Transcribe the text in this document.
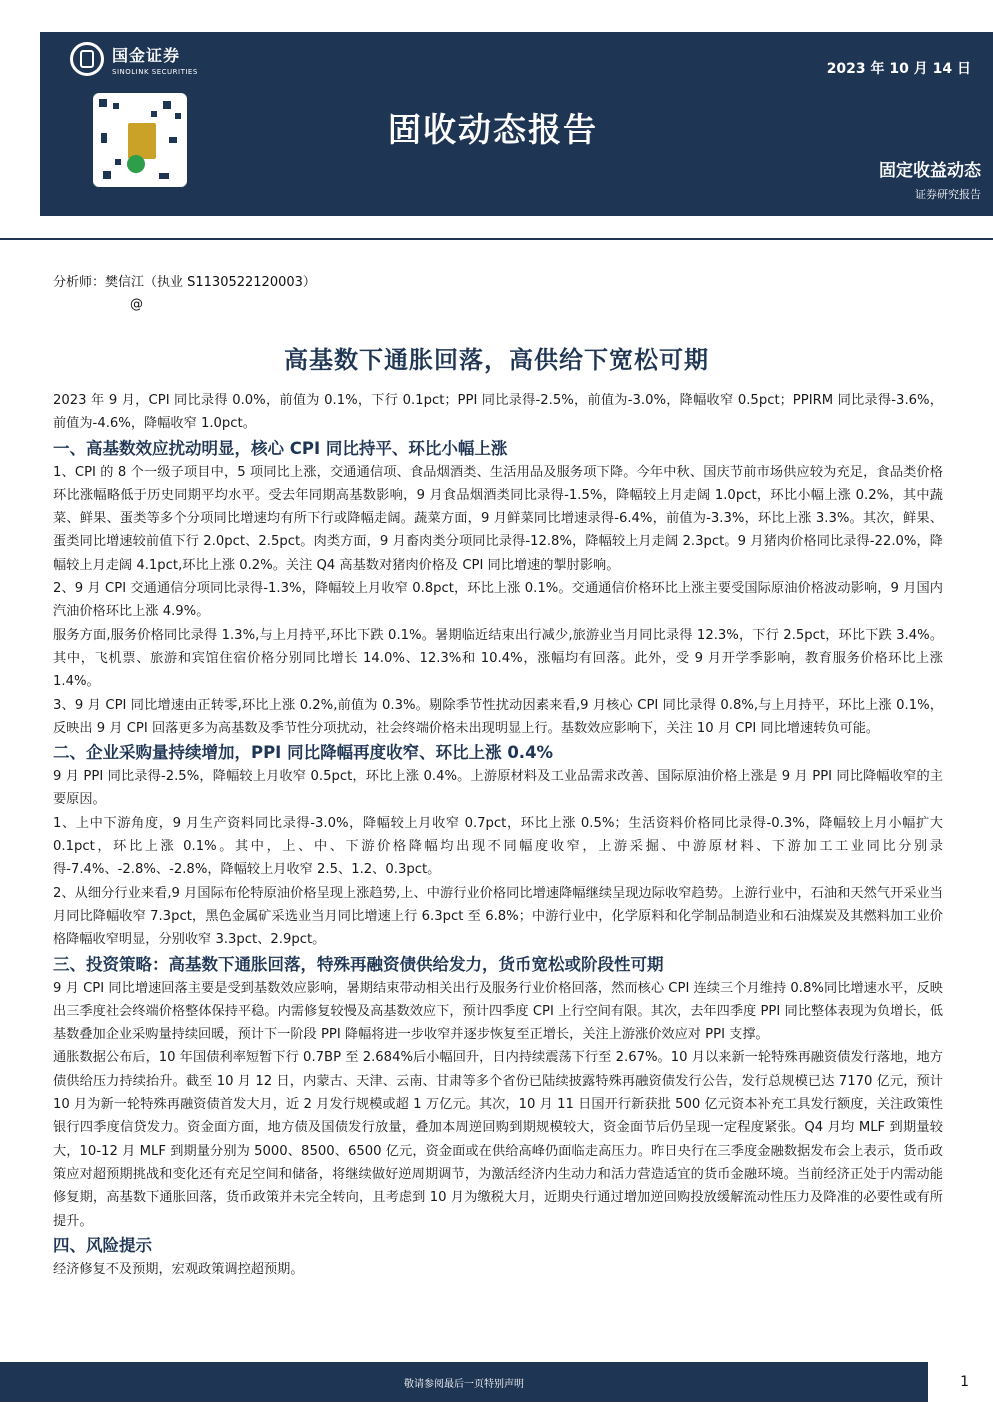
国金证券
SINOLINK SECURITIES	2023 年 10 月 14 日
固收动态报告
固定收益动态
证券研究报告
分析师：樊信江（执业 S1130522120003）
@
高基数下通胀回落，高供给下宽松可期

2023 年 9 月，CPI 同比录得 0.0%，前值为 0.1%，下行 0.1pct；PPI 同比录得-2.5%，前值为-3.0%，降幅收窄 0.5pct；PPIRM 同比录得-3.6%，前值为-4.6%，降幅收窄 1.0pct。

一、高基数效应扰动明显，核心 CPI 同比持平、环比小幅上涨

1、CPI 的 8 个一级子项目中，5 项同比上涨，交通通信项、食品烟酒类、生活用品及服务项下降。今年中秋、国庆节前市场供应较为充足，食品类价格环比涨幅略低于历史同期平均水平。受去年同期高基数影响，9 月食品烟酒类同比录得-1.5%，降幅较上月走阔 1.0pct，环比小幅上涨 0.2%，其中蔬菜、鲜果、蛋类等多个分项同比增速均有所下行或降幅走阔。蔬菜方面，9 月鲜菜同比增速录得-6.4%，前值为-3.3%，环比上涨 3.3%。其次，鲜果、蛋类同比增速较前值下行 2.0pct、2.5pct。肉类方面，9 月畜肉类分项同比录得-12.8%，降幅较上月走阔 2.3pct。9 月猪肉价格同比录得-22.0%，降幅较上月走阔 4.1pct,环比上涨 0.2%。关注 Q4 高基数对猪肉价格及 CPI 同比增速的掣肘影响。

2、9 月 CPI 交通通信分项同比录得-1.3%，降幅较上月收窄 0.8pct，环比上涨 0.1%。交通通信价格环比上涨主要受国际原油价格波动影响，9 月国内汽油价格环比上涨 4.9%。

服务方面,服务价格同比录得 1.3%,与上月持平,环比下跌 0.1%。暑期临近结束出行减少,旅游业当月同比录得 12.3%，下行 2.5pct，环比下跌 3.4%。其中，飞机票、旅游和宾馆住宿价格分别同比增长 14.0%、12.3%和 10.4%，涨幅均有回落。此外，受 9 月开学季影响，教育服务价格环比上涨 1.4%。

3、9 月 CPI 同比增速由正转零,环比上涨 0.2%,前值为 0.3%。剔除季节性扰动因素来看,9 月核心 CPI 同比录得 0.8%,与上月持平，环比上涨 0.1%，反映出 9 月 CPI 回落更多为高基数及季节性分项扰动，社会终端价格未出现明显上行。基数效应影响下，关注 10 月 CPI 同比增速转负可能。

二、企业采购量持续增加，PPI 同比降幅再度收窄、环比上涨 0.4%

9 月 PPI 同比录得-2.5%，降幅较上月收窄 0.5pct，环比上涨 0.4%。上游原材料及工业品需求改善、国际原油价格上涨是 9 月 PPI 同比降幅收窄的主要原因。

1、上中下游角度，9 月生产资料同比录得-3.0%，降幅较上月收窄 0.7pct，环比上涨 0.5%；生活资料价格同比录得-0.3%，降幅较上月小幅扩大 0.1pct，环比上涨 0.1%。其中，上、中、下游价格降幅均出现不同幅度收窄，上游采掘、中游原材料、下游加工工业同比分别录得-7.4%、-2.8%、-2.8%，降幅较上月收窄 2.5、1.2、0.3pct。

2、从细分行业来看,9 月国际布伦特原油价格呈现上涨趋势,上、中游行业价格同比增速降幅继续呈现边际收窄趋势。上游行业中，石油和天然气开采业当月同比降幅收窄 7.3pct，黑色金属矿采选业当月同比增速上行 6.3pct 至 6.8%；中游行业中，化学原料和化学制品制造业和石油煤炭及其燃料加工业价格降幅收窄明显，分别收窄 3.3pct、2.9pct。

三、投资策略：高基数下通胀回落，特殊再融资债供给发力，货币宽松或阶段性可期

9 月 CPI 同比增速回落主要是受到基数效应影响，暑期结束带动相关出行及服务行业价格回落，然而核心 CPI 连续三个月维持 0.8%同比增速水平，反映出三季度社会终端价格整体保持平稳。内需修复较慢及高基数效应下，预计四季度 CPI 上行空间有限。其次，去年四季度 PPI 同比整体表现为负增长，低基数叠加企业采购量持续回暖，预计下一阶段 PPI 降幅将进一步收窄并逐步恢复至正增长，关注上游涨价效应对 PPI 支撑。

通胀数据公布后，10 年国债利率短暂下行 0.7BP 至 2.684%后小幅回升，日内持续震荡下行至 2.67%。10 月以来新一轮特殊再融资债发行落地，地方债供给压力持续抬升。截至 10 月 12 日，内蒙古、天津、云南、甘肃等多个省份已陆续披露特殊再融资债发行公告，发行总规模已达 7170 亿元，预计 10 月为新一轮特殊再融资债首发大月，近 2 月发行规模或超 1 万亿元。其次，10 月 11 日国开行新获批 500 亿元资本补充工具发行额度，关注政策性银行四季度信贷发力。资金面方面，地方债及国债发行放量，叠加本周逆回购到期规模较大，资金面节后仍呈现一定程度紧张。Q4 月均 MLF 到期量较大，10-12 月 MLF 到期量分别为 5000、8500、6500 亿元，资金面或在供给高峰仍面临走高压力。昨日央行在三季度金融数据发布会上表示，货币政策应对超预期挑战和变化还有充足空间和储备，将继续做好逆周期调节，为激活经济内生动力和活力营造适宜的货币金融环境。当前经济正处于内需动能修复期，高基数下通胀回落，货币政策并未完全转向，且考虑到 10 月为缴税大月，近期央行通过增加逆回购投放缓解流动性压力及降准的必要性或有所提升。

四、风险提示

经济修复不及预期，宏观政策调控超预期。

敬请参阅最后一页特别声明	1
